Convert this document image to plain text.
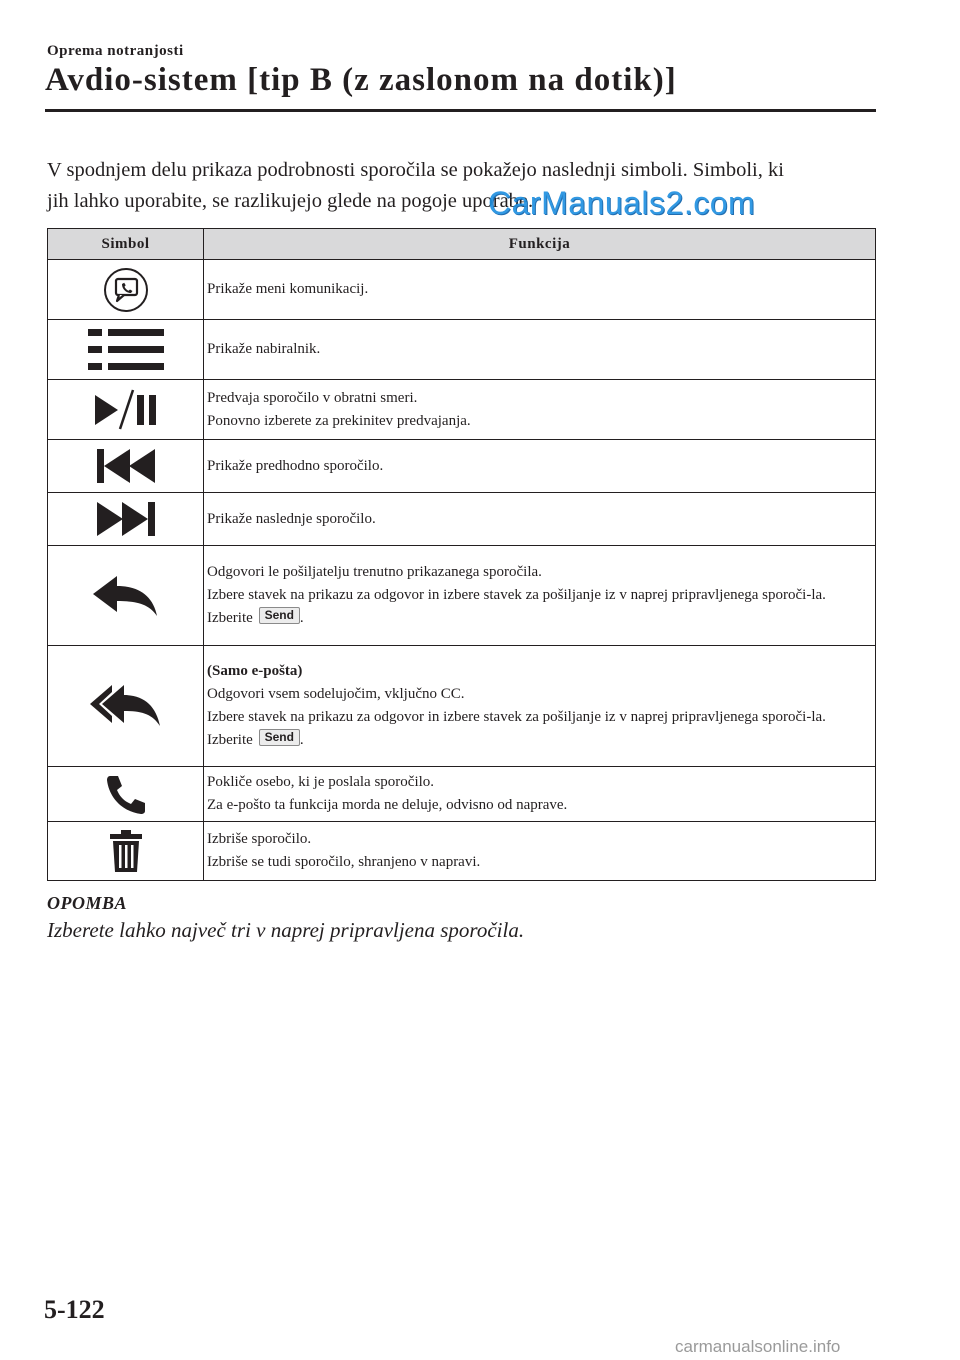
Oprema notranjosti
Avdio-sistem [tip B (z zaslonom na dotik)]

V spodnjem delu prikaza podrobnosti sporočila se pokažejo naslednji simboli. Simboli, ki

jih lahko uporabite, se razlikujejo glede na pogoje uporabe.

CarManuals2.com
Simbol	Funkcija

Prikaže meni komunikacij.

Prikaže nabiralnik.

Predvaja sporočilo v obratni smeri.
Ponovno izberete za prekinitev predvajanja.

Prikaže predhodno sporočilo.

Prikaže naslednje sporočilo.

Odgovori le pošiljatelju trenutno prikazanega sporočila.
Izbere stavek na prikazu za odgovor in izbere stavek za pošiljanje iz v naprej pripravljenega sporoči-la.
Izberite Send .

(Samo e-pošta)
Odgovori vsem sodelujočim, vključno CC.
Izbere stavek na prikazu za odgovor in izbere stavek za pošiljanje iz v naprej pripravljenega sporoči-la.
Izberite Send .

Pokliče osebo, ki je poslala sporočilo.
Za e-pošto ta funkcija morda ne deluje, odvisno od naprave.

Izbriše sporočilo.
Izbriše se tudi sporočilo, shranjeno v napravi.
OPOMBA
Izberete lahko največ tri v naprej pripravljena sporočila.
5-122
carmanualsonline.info
